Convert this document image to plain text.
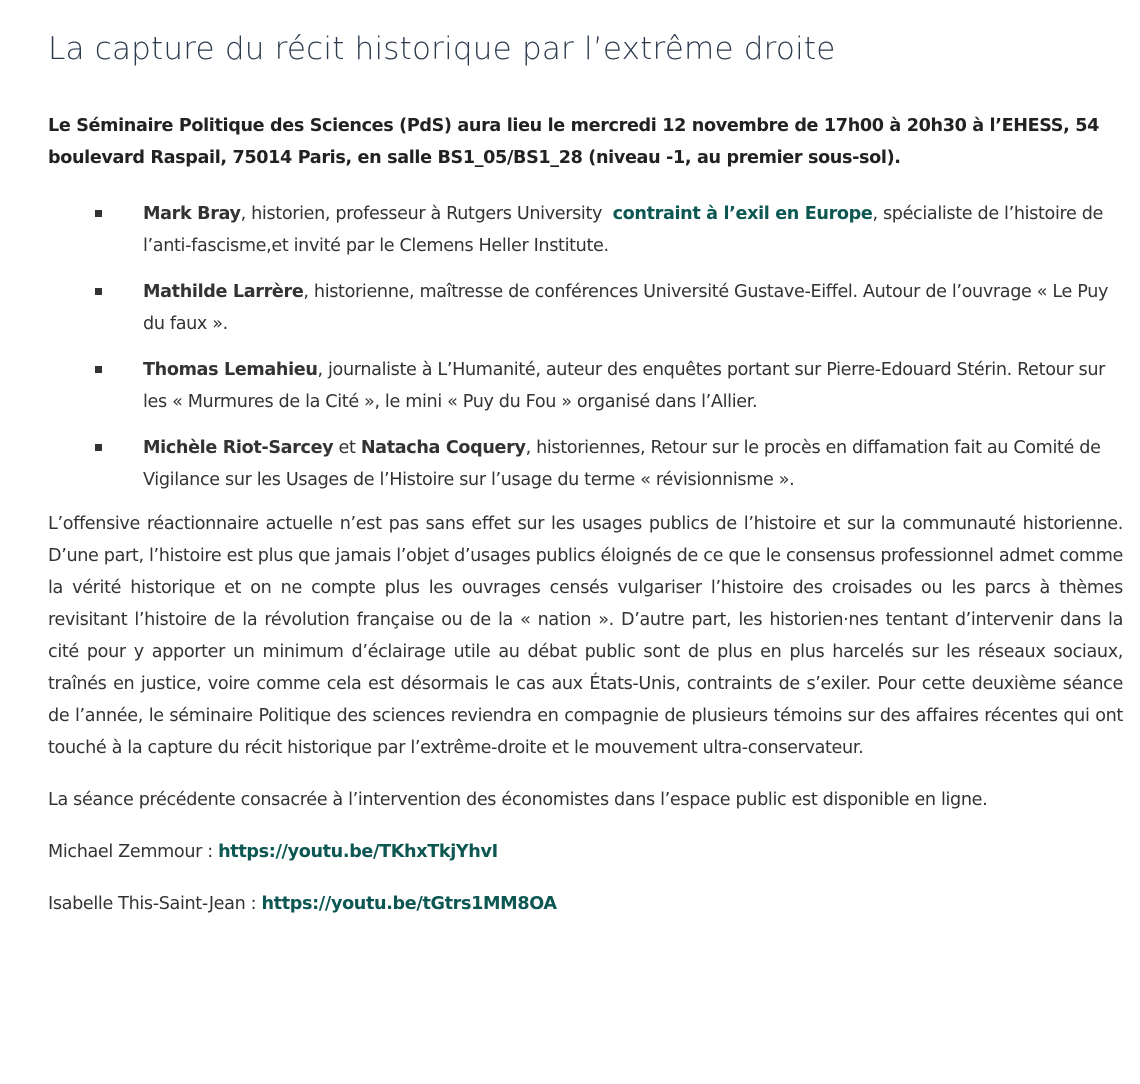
La capture du récit historique par l’extrême droite

Le Séminaire Politique des Sciences (PdS) aura lieu le mercredi 12 novembre de 17h00 à 20h30 à l’EHESS, 54 boulevard Raspail, 75014 Paris, en salle BS1_05/BS1_28 (niveau -1, au premier sous-sol).

Mark Bray, historien, professeur à Rutgers University  contraint à l’exil en Europe, spécialiste de l’histoire de l’anti-fascisme,et invité par le Clemens Heller Institute.
Mathilde Larrère, historienne, maîtresse de conférences Université Gustave-Eiffel. Autour de l’ouvrage « Le Puy du faux ».
Thomas Lemahieu, journaliste à L’Humanité, auteur des enquêtes portant sur Pierre-Edouard Stérin. Retour sur les « Murmures de la Cité », le mini « Puy du Fou » organisé dans l’Allier.
Michèle Riot-Sarcey et Natacha Coquery, historiennes, Retour sur le procès en diffamation fait au Comité de Vigilance sur les Usages de l’Histoire sur l’usage du terme « révisionnisme ».

L’offensive réactionnaire actuelle n’est pas sans effet sur les usages publics de l’histoire et sur la communauté historienne. D’une part, l’histoire est plus que jamais l’objet d’usages publics éloignés de ce que le consensus professionnel admet comme la vérité historique et on ne compte plus les ouvrages censés vulgariser l’histoire des croisades ou les parcs à thèmes revisitant l’histoire de la révolution française ou de la « nation ». D’autre part, les historien·nes tentant d’intervenir dans la cité pour y apporter un minimum d’éclairage utile au débat public sont de plus en plus harcelés sur les réseaux sociaux, traînés en justice, voire comme cela est désormais le cas aux États-Unis, contraints de s’exiler. Pour cette deuxième séance de l’année, le séminaire Politique des sciences reviendra en compagnie de plusieurs témoins sur des affaires récentes qui ont touché à la capture du récit historique par l’extrême-droite et le mouvement ultra-conservateur.

La séance précédente consacrée à l’intervention des économistes dans l’espace public est disponible en ligne.

Michael Zemmour : https://youtu.be/TKhxTkjYhvI

Isabelle This-Saint-Jean : https://youtu.be/tGtrs1MM8OA
